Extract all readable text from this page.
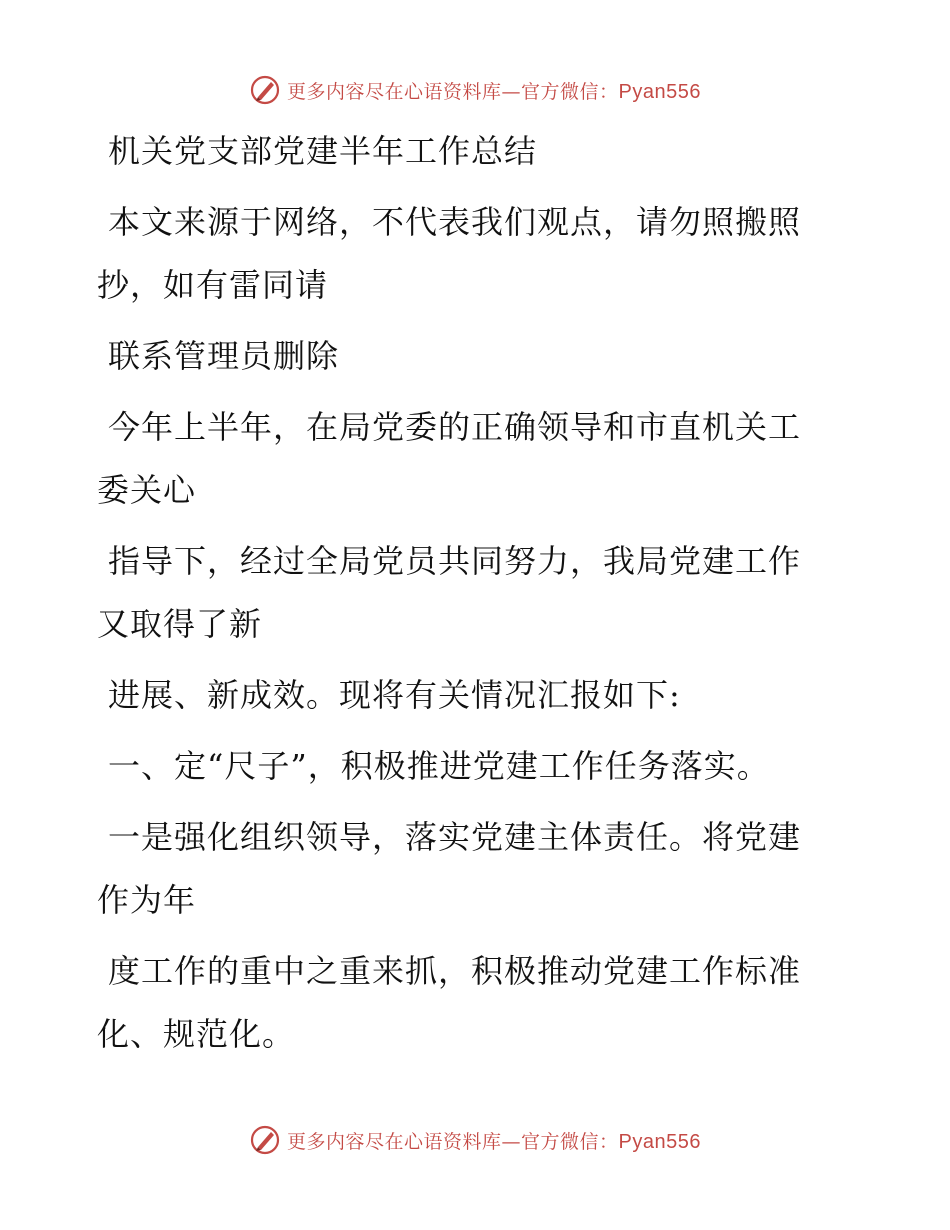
更多内容尽在心语资料库—官方微信：Pyan556
机关党支部党建半年工作总结
本文来源于网络，不代表我们观点，请勿照搬照
抄，如有雷同请
联系管理员删除
今年上半年，在局党委的正确领导和市直机关工
委关心
指导下，经过全局党员共同努力，我局党建工作
又取得了新
进展、新成效。现将有关情况汇报如下:
一、定“尺子”，积极推进党建工作任务落实。
一是强化组织领导，落实党建主体责任。将党建
作为年
度工作的重中之重来抓，积极推动党建工作标准
化、规范化。
更多内容尽在心语资料库—官方微信：Pyan556
